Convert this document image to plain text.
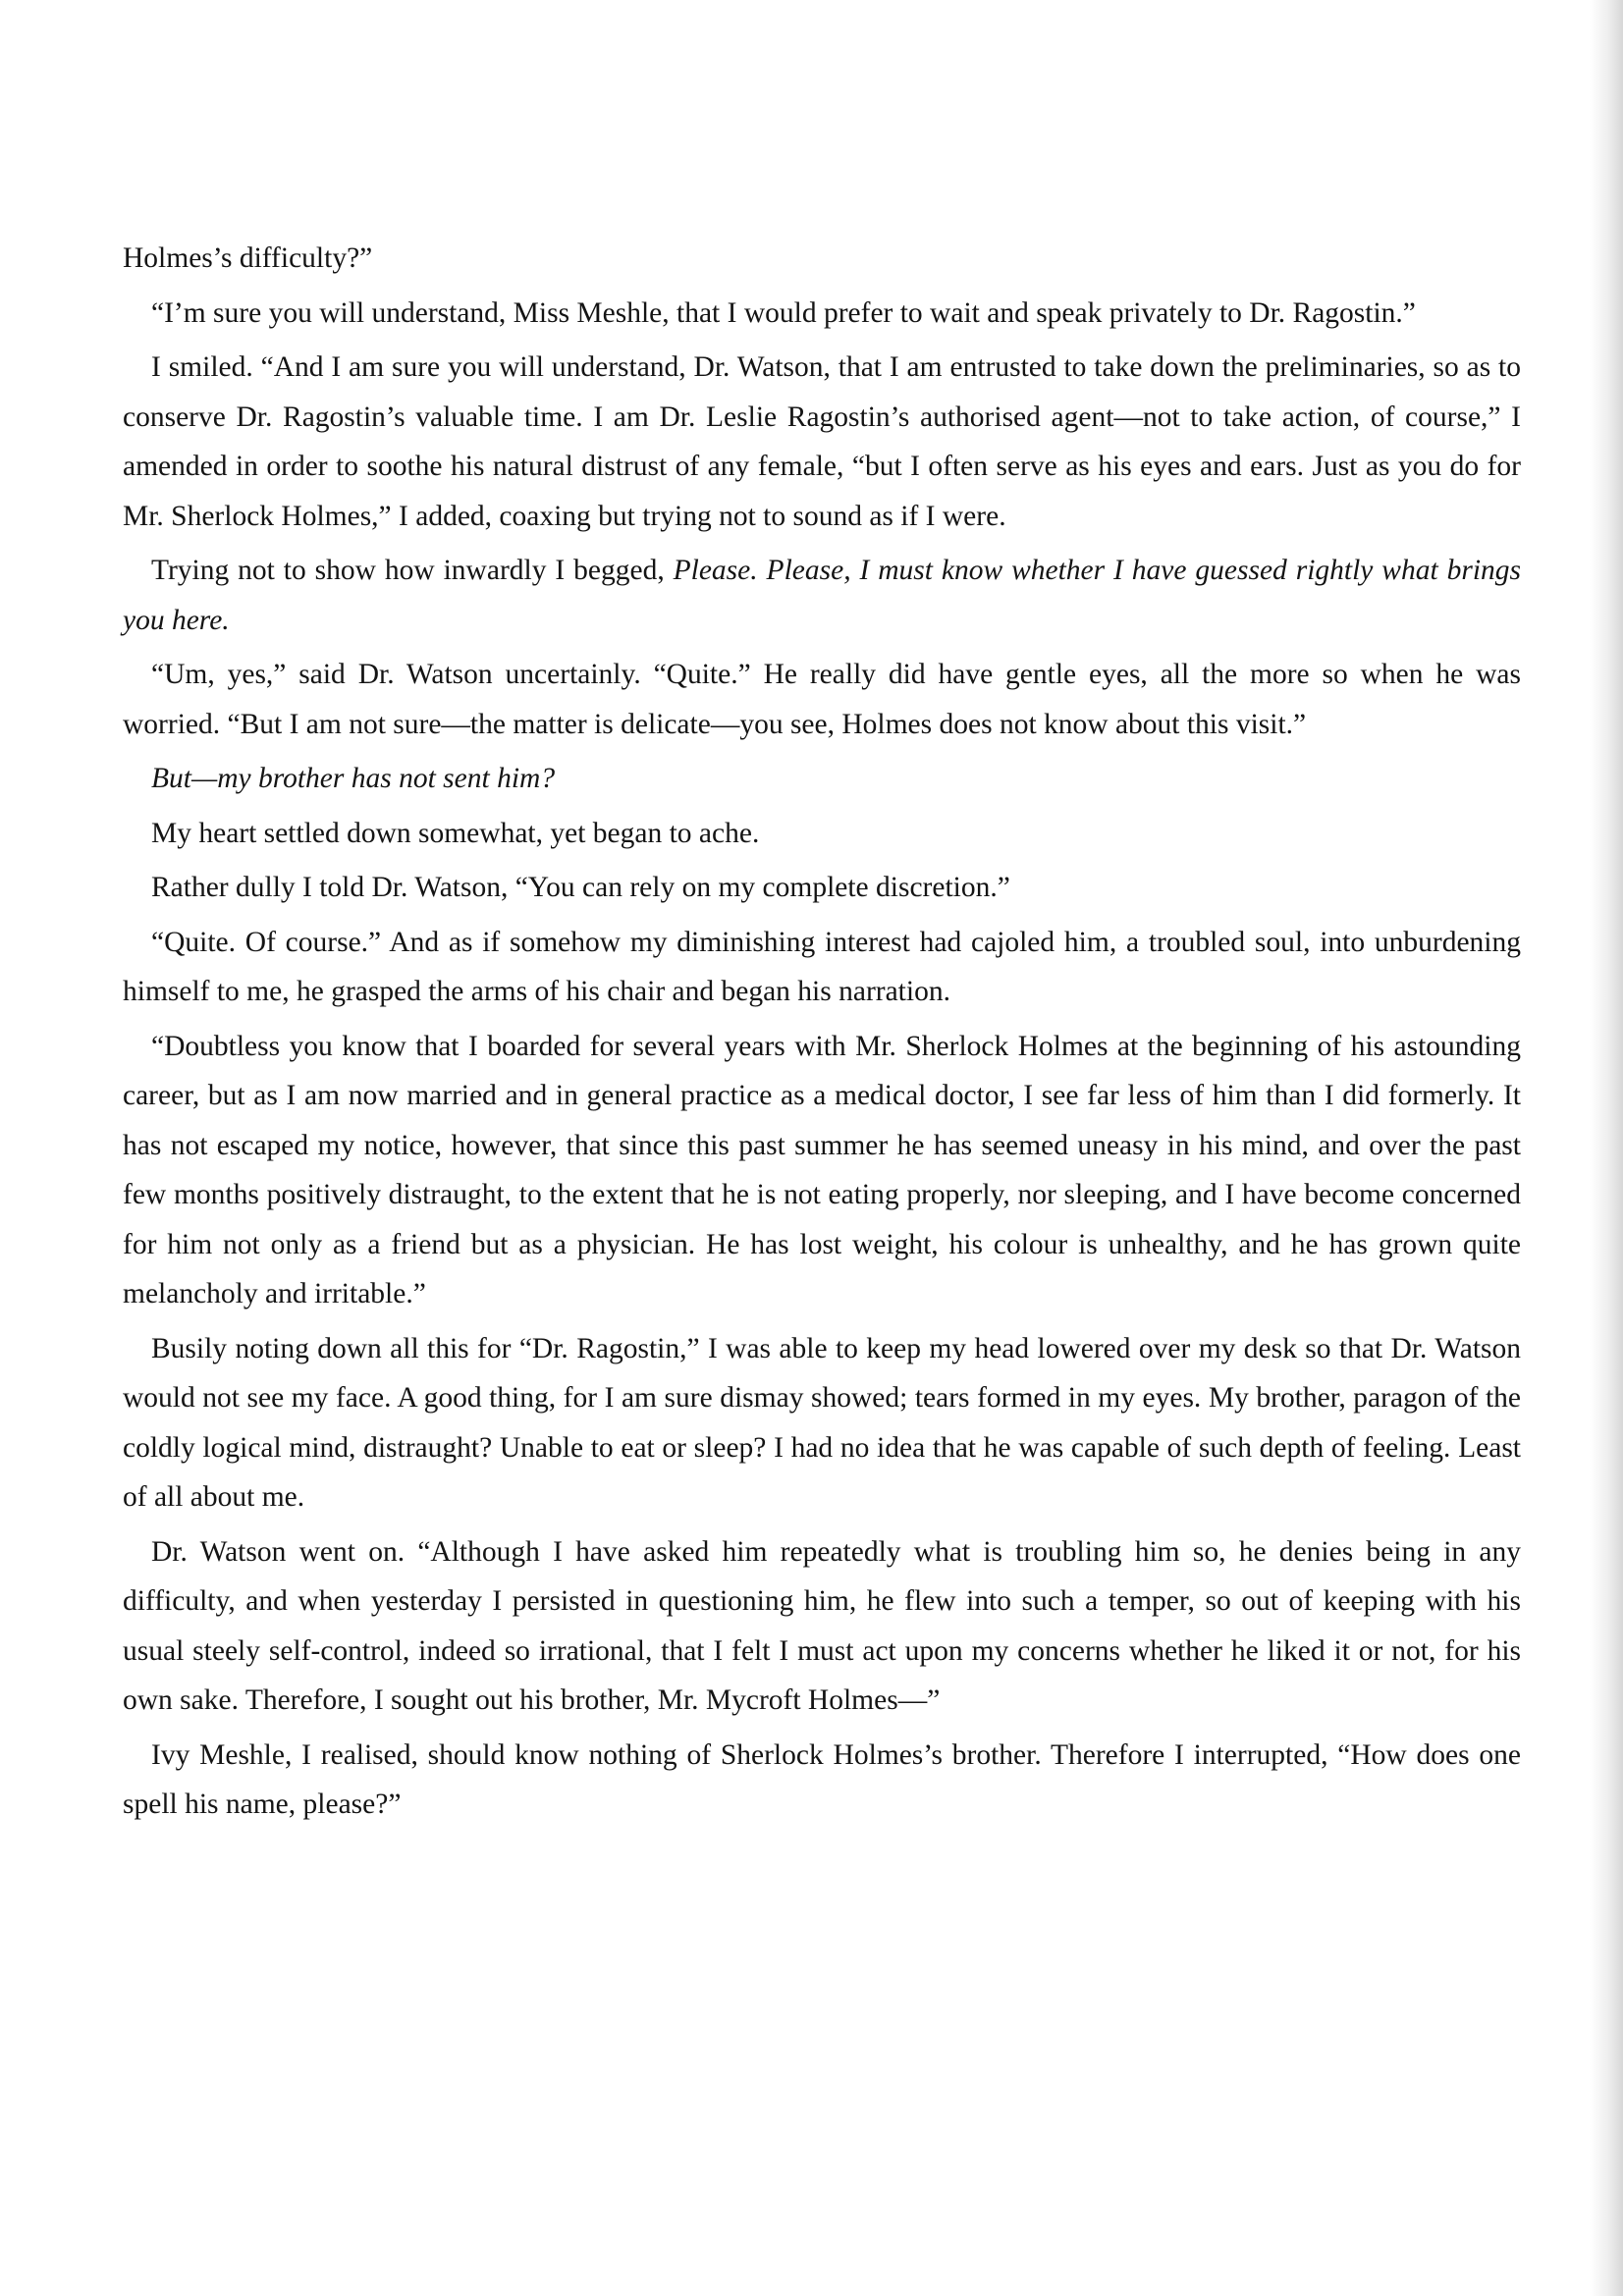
Holmes’s difficulty?”

“I’m sure you will understand, Miss Meshle, that I would prefer to wait and speak privately to Dr. Ragostin.”

I smiled. “And I am sure you will understand, Dr. Watson, that I am entrusted to take down the preliminaries, so as to conserve Dr. Ragostin’s valuable time. I am Dr. Leslie Ragostin’s authorised agent—not to take action, of course,” I amended in order to soothe his natural distrust of any female, “but I often serve as his eyes and ears. Just as you do for Mr. Sherlock Holmes,” I added, coaxing but trying not to sound as if I were.

Trying not to show how inwardly I begged, Please. Please, I must know whether I have guessed rightly what brings you here.

“Um, yes,” said Dr. Watson uncertainly. “Quite.” He really did have gentle eyes, all the more so when he was worried. “But I am not sure—the matter is delicate—you see, Holmes does not know about this visit.”

But—my brother has not sent him?

My heart settled down somewhat, yet began to ache.

Rather dully I told Dr. Watson, “You can rely on my complete discretion.”

“Quite. Of course.” And as if somehow my diminishing interest had cajoled him, a troubled soul, into unburdening himself to me, he grasped the arms of his chair and began his narration.

“Doubtless you know that I boarded for several years with Mr. Sherlock Holmes at the beginning of his astounding career, but as I am now married and in general practice as a medical doctor, I see far less of him than I did formerly. It has not escaped my notice, however, that since this past summer he has seemed uneasy in his mind, and over the past few months positively distraught, to the extent that he is not eating properly, nor sleeping, and I have become concerned for him not only as a friend but as a physician. He has lost weight, his colour is unhealthy, and he has grown quite melancholy and irritable.”

Busily noting down all this for “Dr. Ragostin,” I was able to keep my head lowered over my desk so that Dr. Watson would not see my face. A good thing, for I am sure dismay showed; tears formed in my eyes. My brother, paragon of the coldly logical mind, distraught? Unable to eat or sleep? I had no idea that he was capable of such depth of feeling. Least of all about me.

Dr. Watson went on. “Although I have asked him repeatedly what is troubling him so, he denies being in any difficulty, and when yesterday I persisted in questioning him, he flew into such a temper, so out of keeping with his usual steely self-control, indeed so irrational, that I felt I must act upon my concerns whether he liked it or not, for his own sake. Therefore, I sought out his brother, Mr. Mycroft Holmes—”

Ivy Meshle, I realised, should know nothing of Sherlock Holmes’s brother. Therefore I interrupted, “How does one spell his name, please?”
